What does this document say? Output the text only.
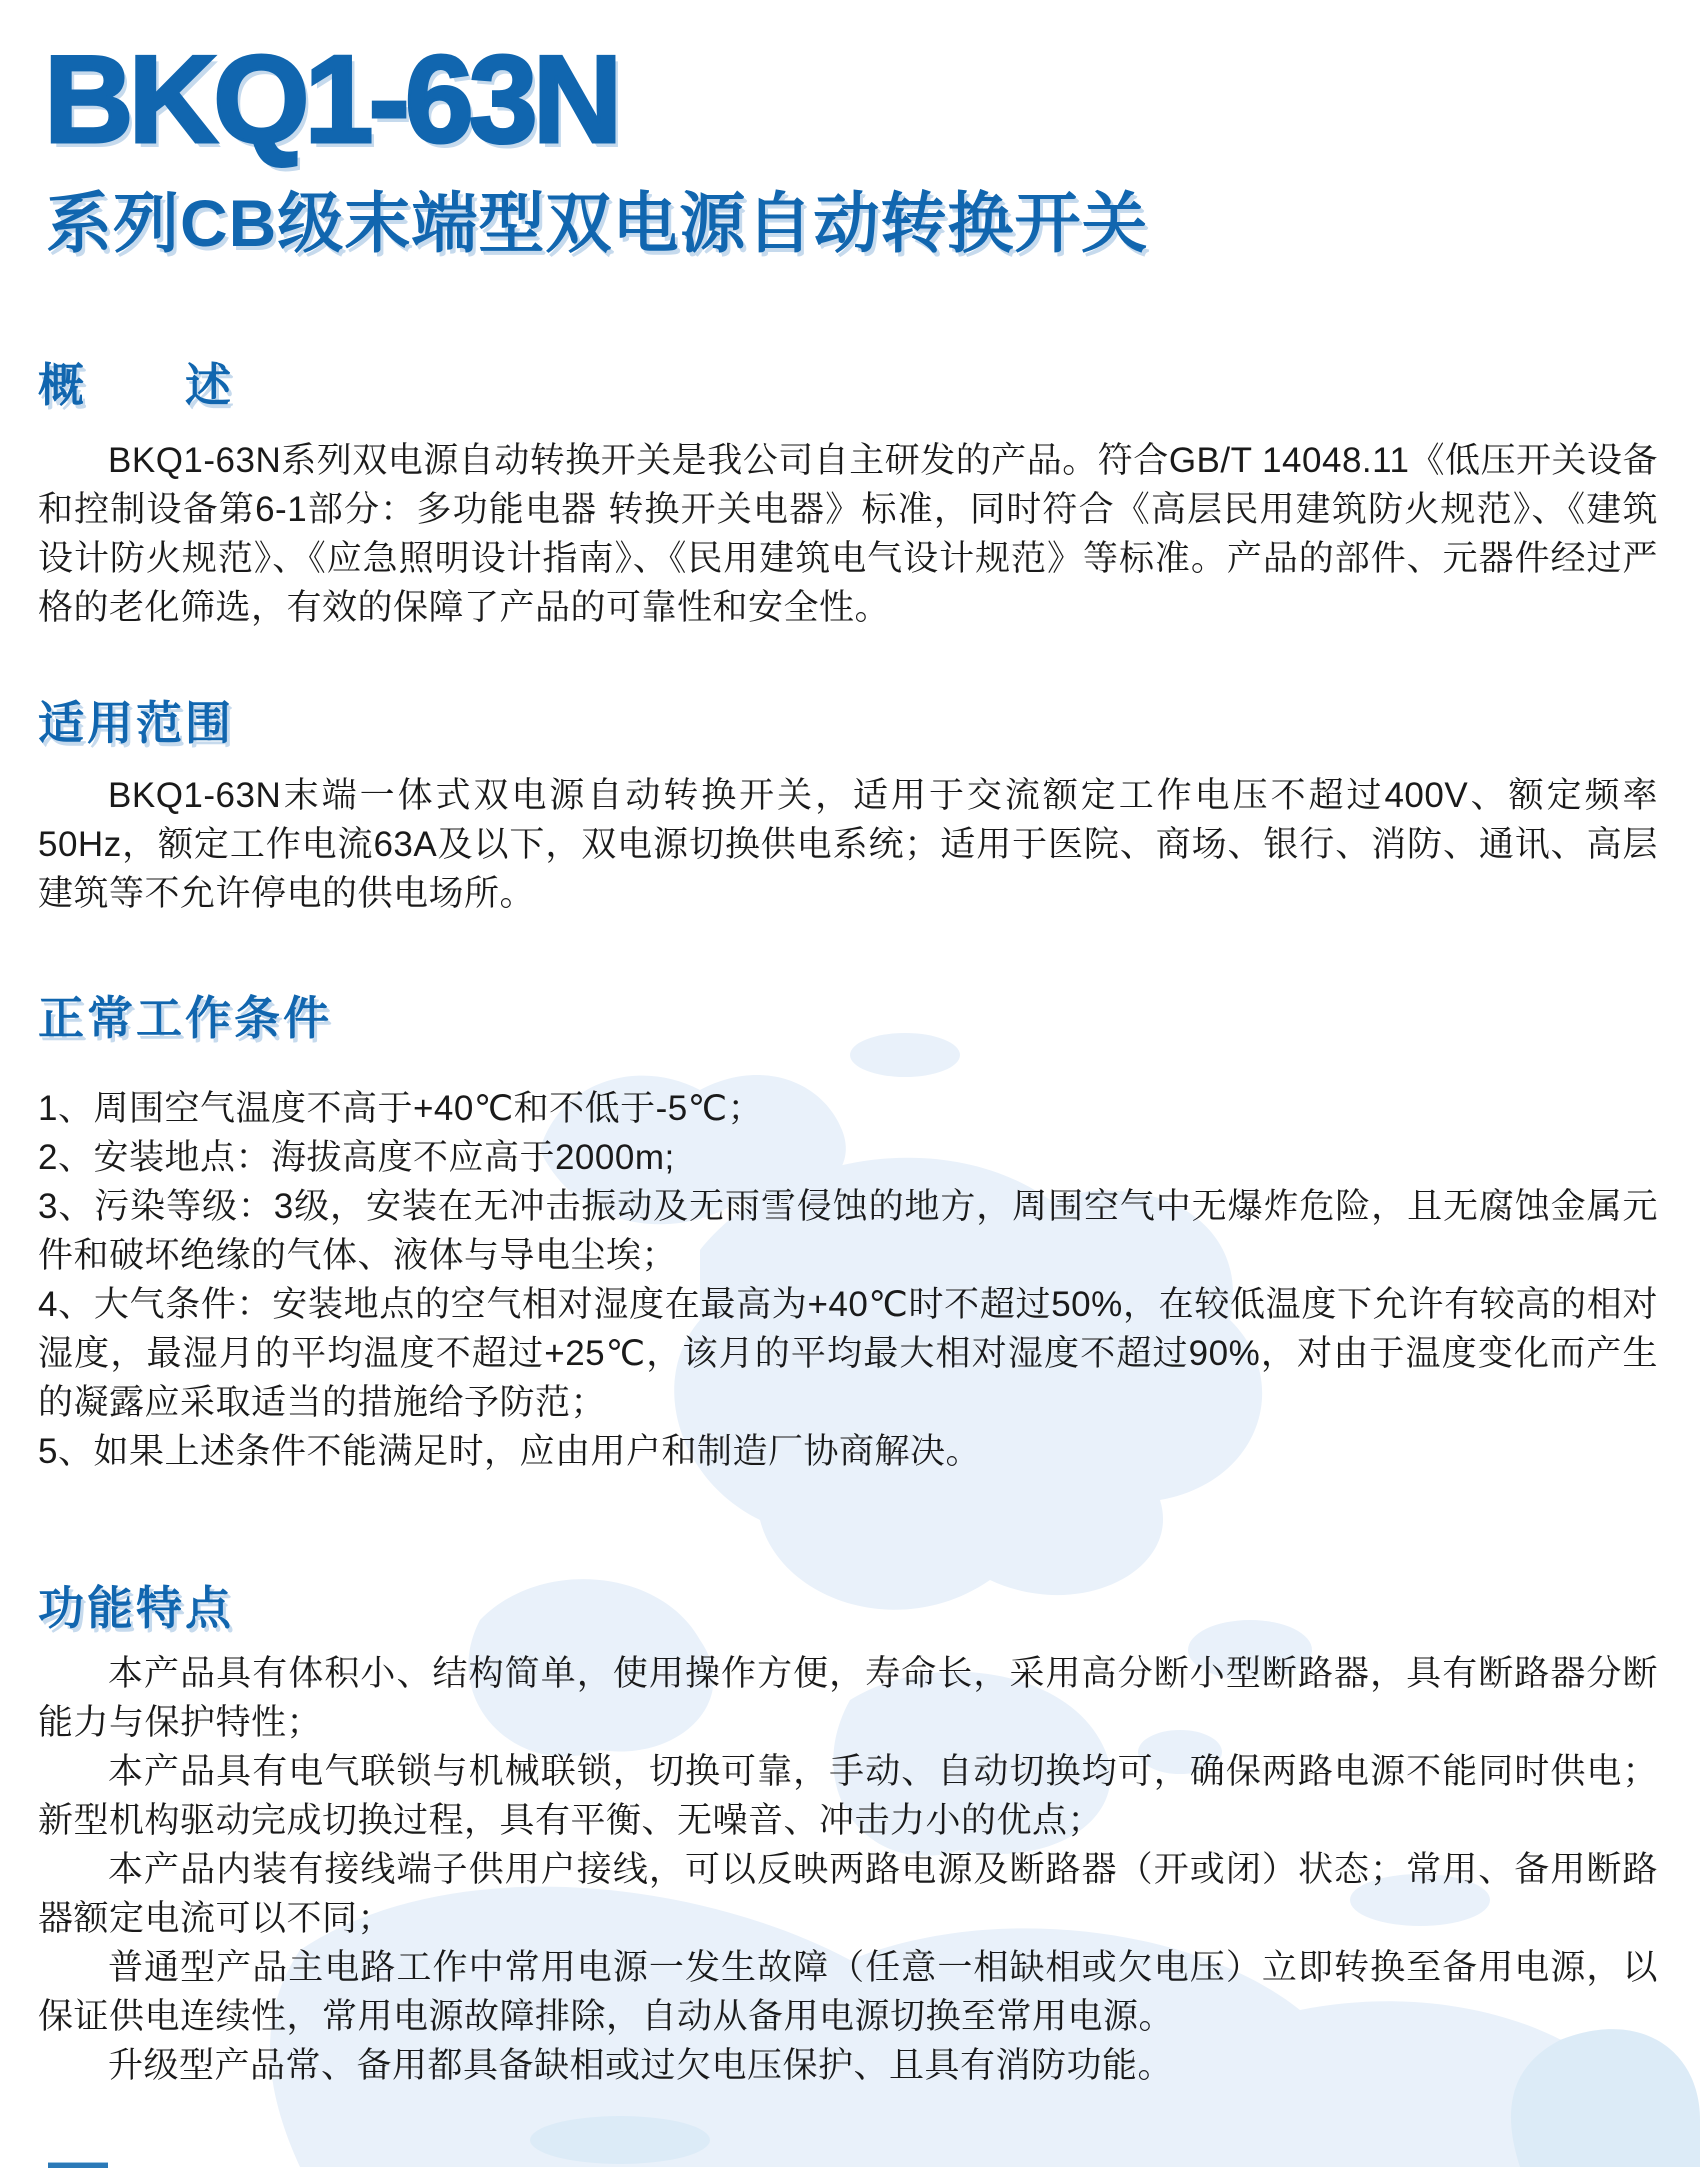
BKQ1-63N
系列CB级末端型双电源自动转换开关
概　　述
BKQ1-63N系列双电源自动转换开关是我公司自主研发的产品。符合GB/T 14048.11《低压开关设备和控制设备第6-1部分：多功能电器 转换开关电器》标准，同时符合《高层民用建筑防火规范》、《建筑设计防火规范》、《应急照明设计指南》、《民用建筑电气设计规范》等标准。产品的部件、元器件经过严格的老化筛选，有效的保障了产品的可靠性和安全性。
适用范围
BKQ1-63N末端一体式双电源自动转换开关，适用于交流额定工作电压不超过400V、额定频率50Hz，额定工作电流63A及以下，双电源切换供电系统；适用于医院、商场、银行、消防、通讯、高层建筑等不允许停电的供电场所。
正常工作条件

1、周围空气温度不高于+40℃和不低于-5℃；

2、安装地点：海拔高度不应高于2000m;

3、污染等级：3级，安装在无冲击振动及无雨雪侵蚀的地方，周围空气中无爆炸危险，且无腐蚀金属元件和破坏绝缘的气体、液体与导电尘埃；

4、大气条件：安装地点的空气相对湿度在最高为+40℃时不超过50%，在较低温度下允许有较高的相对湿度，最湿月的平均温度不超过+25℃，该月的平均最大相对湿度不超过90%，对由于温度变化而产生的凝露应采取适当的措施给予防范；

5、如果上述条件不能满足时，应由用户和制造厂协商解决。

功能特点

本产品具有体积小、结构简单，使用操作方便，寿命长，采用高分断小型断路器，具有断路器分断能力与保护特性；

本产品具有电气联锁与机械联锁，切换可靠，手动、自动切换均可，确保两路电源不能同时供电；新型机构驱动完成切换过程，具有平衡、无噪音、冲击力小的优点；

本产品内装有接线端子供用户接线，可以反映两路电源及断路器（开或闭）状态；常用、备用断路器额定电流可以不同；

普通型产品主电路工作中常用电源一发生故障（任意一相缺相或欠电压）立即转换至备用电源，以保证供电连续性，常用电源故障排除，自动从备用电源切换至常用电源。

升级型产品常、备用都具备缺相或过欠电压保护、且具有消防功能。
